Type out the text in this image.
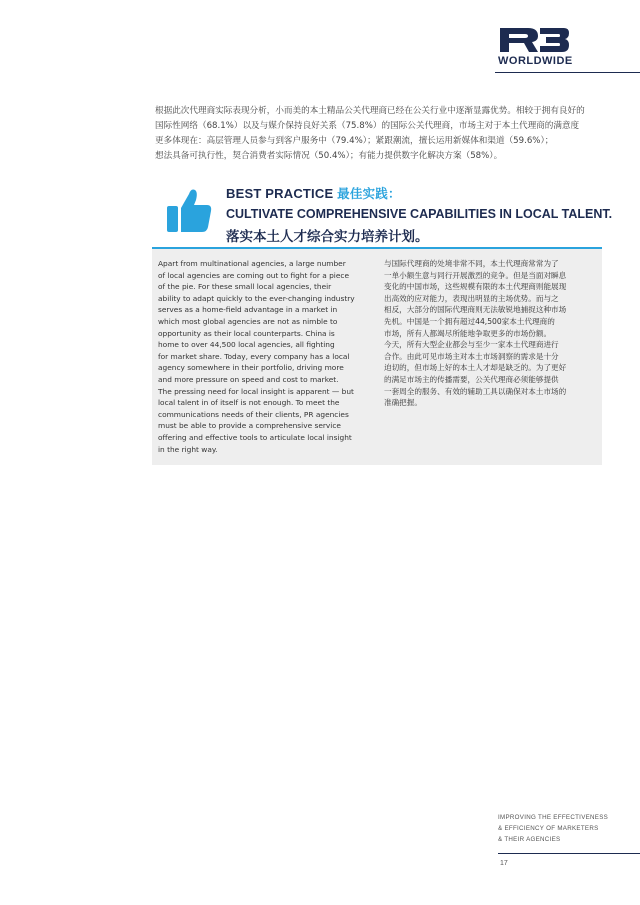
WORLDWIDE

根据此次代理商实际表现分析，小而美的本土精品公关代理商已经在公关行业中逐渐显露优势。相较于拥有良好的

国际性网络（68.1%）以及与媒介保持良好关系（75.8%）的国际公关代理商，市场主对于本土代理商的满意度

更多体现在：高层管理人员参与到客户服务中（79.4%）；紧跟潮流，擅长运用新媒体和渠道（59.6%）；

想法具备可执行性，契合消费者实际情况（50.4%）；有能力提供数字化解决方案（58%）。

BEST PRACTICE 最佳实践：
CULTIVATE COMPREHENSIVE CAPABILITIES IN LOCAL TALENT.
落实本土人才综合实力培养计划。
Apart from multinational agencies, a large number
of local agencies are coming out to fight for a piece
of the pie. For these small local agencies, their
ability to adapt quickly to the ever-changing industry
serves as a home-field advantage in a market in
which most global agencies are not as nimble to
opportunity as their local counterparts. China is
home to over 44,500 local agencies, all fighting
for market share. Today, every company has a local
agency somewhere in their portfolio, driving more
and more pressure on speed and cost to market.
The pressing need for local insight is apparent — but
local talent in of itself is not enough. To meet the
communications needs of their clients, PR agencies
must be able to provide a comprehensive service
offering and effective tools to articulate local insight
in the right way.
与国际代理商的处境非常不同，本土代理商常常为了
一单小额生意与同行开展激烈的竞争。但是当面对瞬息
变化的中国市场，这些规模有限的本土代理商则能展现
出高效的应对能力，表现出明显的主场优势。而与之
相反，大部分的国际代理商则无法敏锐地捕捉这种市场
先机。中国是一个拥有超过44,500家本土代理商的
市场，所有人都竭尽所能地争取更多的市场份额。
今天，所有大型企业都会与至少一家本土代理商进行
合作。由此可见市场主对本土市场洞察的需求是十分
迫切的，但市场上好的本土人才却是缺乏的。为了更好
的满足市场主的传播需要，公关代理商必须能够提供
一套周全的服务、有效的辅助工具以确保对本土市场的
准确把握。
IMPROVING THE EFFECTIVENESS
& EFFICIENCY OF MARKETERS
& THEIR AGENCIES
17
